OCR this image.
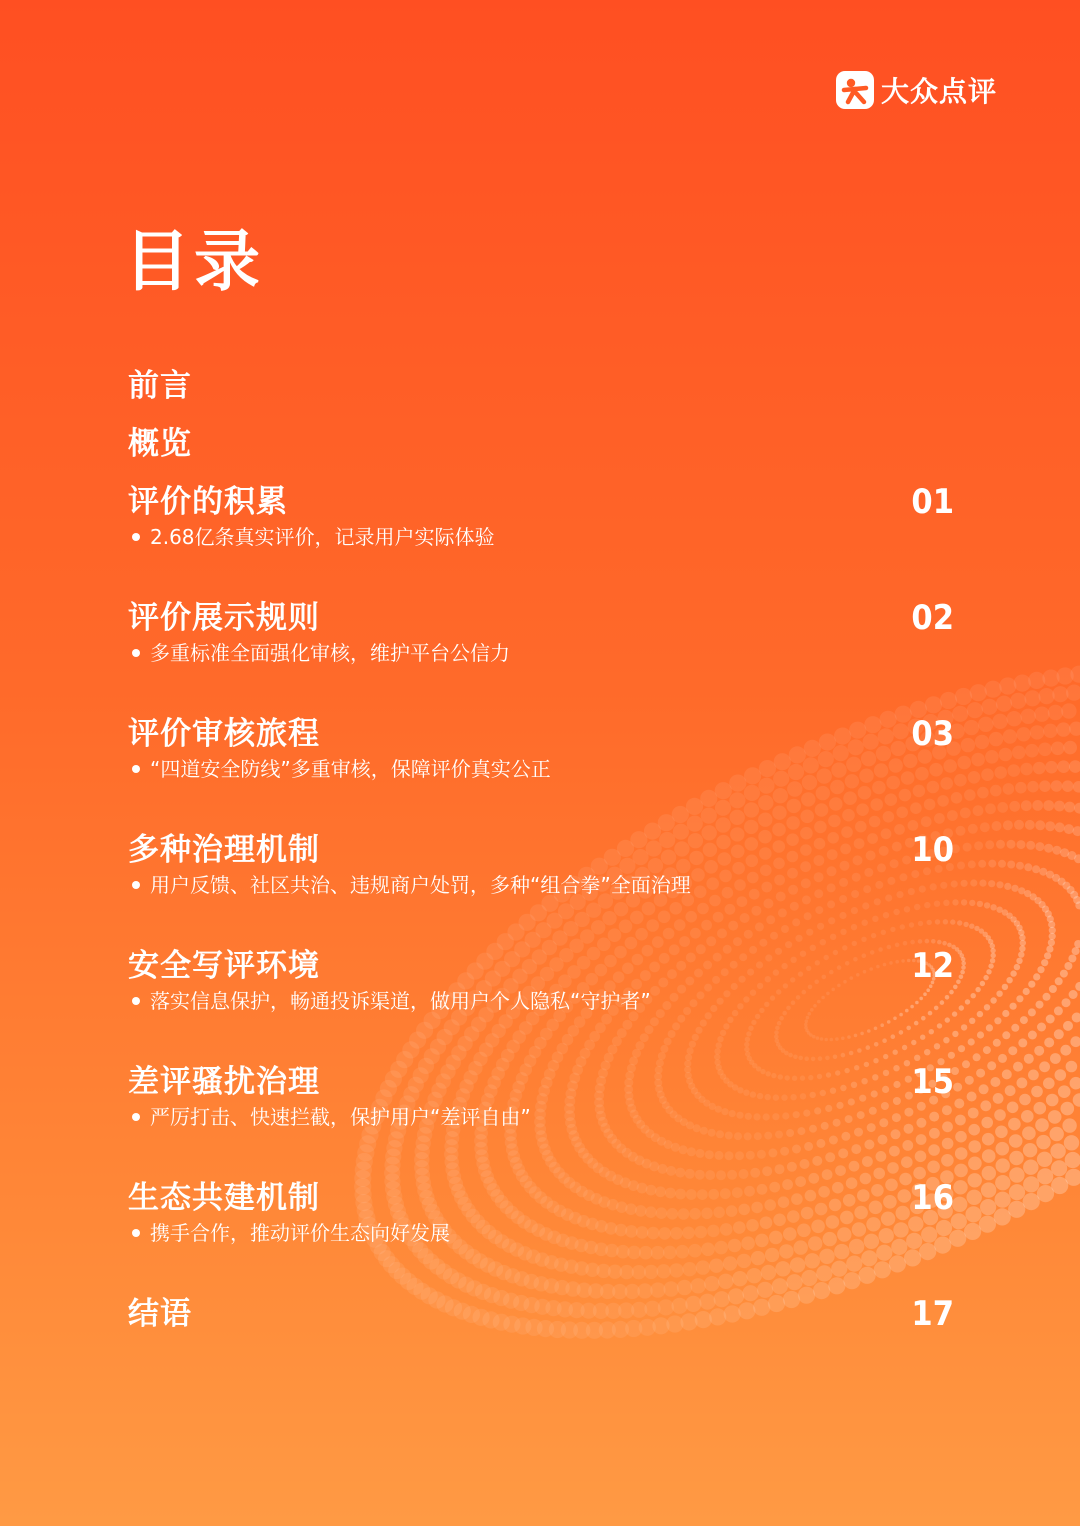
大众点评
目录
前言
概览
评价的积累	01
2.68亿条真实评价，记录用户实际体验
评价展示规则	02
多重标准全面强化审核，维护平台公信力
评价审核旅程	03
“四道安全防线”多重审核，保障评价真实公正
多种治理机制	10
用户反馈、社区共治、违规商户处罚，多种“组合拳”全面治理
安全写评环境	12
落实信息保护，畅通投诉渠道，做用户个人隐私“守护者”
差评骚扰治理	15
严厉打击、快速拦截，保护用户“差评自由”
生态共建机制	16
携手合作，推动评价生态向好发展
结语	17
